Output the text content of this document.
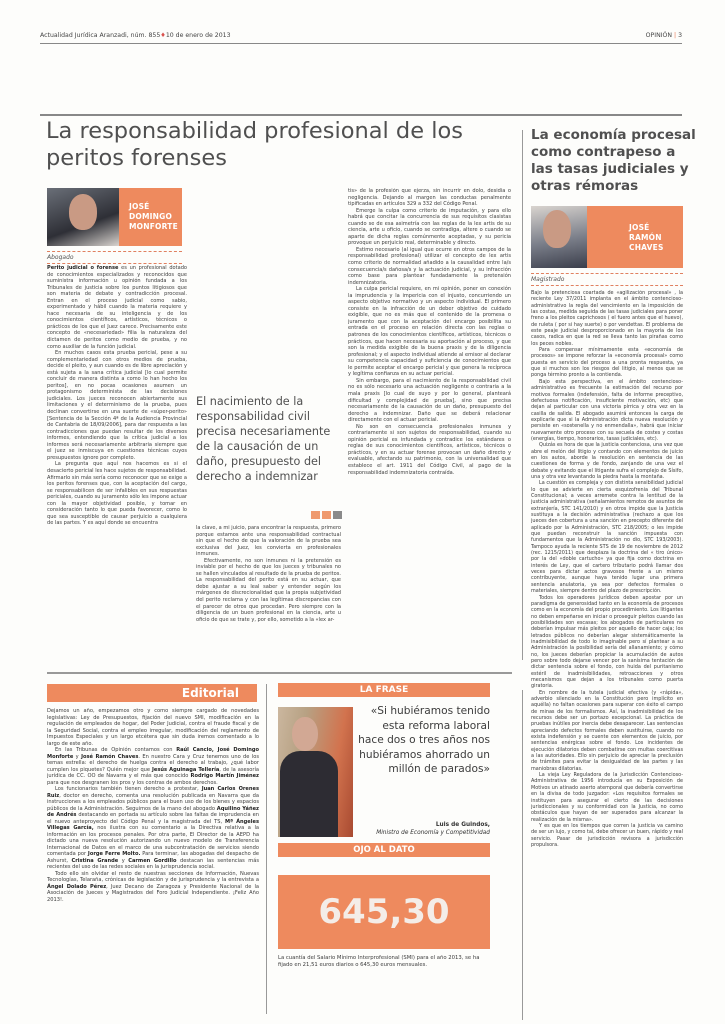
Actualidad Jurídica Aranzadi, núm. 855♦10 de enero de 2013	OPINIÓN | 3
La responsabilidad profesional de los peritos forenses
JOSÉ
DOMINGO
MONFORTE
Abogado

Perito judicial o forense es un profesional dotado de conocimientos especializados y reconocidos que suministra información u opinión fundada a los Tribunales de justicia sobre los puntos litigiosos que son materia de debate y contradicción procesal. Entran en el proceso judicial como sabio, experimentado y hábil cuando la materia requiere y hace necesaria de su inteligencia y de los conocimientos científicos, artísticos, técnicos o prácticos de los que el Juez carece. Precisamente este concepto de «necesariedad» filia la naturaleza del dictamen de peritos como medio de prueba, y no como auxiliar de la función judicial.

En muchos casos esta prueba pericial, pese a su complementariedad con otros medios de prueba, decide el pleito, y aun cuando es de libre apreciación y está sujeta a la sana crítica judicial [lo cual permite concluir de manera distinta a como lo han hecho los peritos], en no pocas ocasiones asumen un protagonismo determinista de las decisiones judiciales. Los jueces reconocen abiertamente sus limitaciones y el determinismo de la prueba, pues declinan convertirse en una suerte de «súper-perito» [Sentencia de la Sección 4ª de la Audiencia Provincial de Cantabria de 18/09/2006], para dar respuesta a las contradicciones que puedan resultar de los diversos informes, entendiendo que la crítica judicial a los informes será necesariamente arbitraria siempre que el juez se inmiscuya en cuestiones técnicas cuyos presupuestos ignore por completo.

La pregunta que aquí nos hacemos es si el desacierto pericial les hace sujetos de responsabilidad. Afirmarlo sin más sería como reconocer que se exige a los peritos forenses que, con la aceptación del cargo, se responsabilicen de ser infalibles en sus respuestas periciales, cuando su juramento sólo les impone actuar con la mayor objetividad posible, y tomar en consideración tanto lo que pueda favorecer, como lo que sea susceptible de causar perjuicio a cualquiera de las partes. Y es aquí donde se encuentra

El nacimiento de la responsabilidad civil precisa necesariamente de la causación de un daño, presupuesto del derecho a indemnizar

la clave, a mi juicio, para encontrar la respuesta, primero porque estamos ante una responsabilidad contractual sin que el hecho de que la valoración de la prueba sea exclusiva del Juez, les convierta en profesionales inmunes.

Efectivamente, no son inmunes ni la pretensión es inviable por el hecho de que los jueces y tribunales no se hallen vinculados al resultado de la prueba de peritos. La responsabilidad del perito está en su actuar, que debe ajustar a su leal saber y entender según los márgenes de discrecionalidad que la propia subjetividad del perito reclama y con las legítimas discrepancias con el parecer de otros que procedan. Pero siempre con la diligencia de un buen profesional en la ciencia, arte u oficio de que se trate y, por ello, sometido a la «lex ar-

tis» de la profesión que ejerza, sin incurrir en dolo, desidia o negligencia. Dejando al margen las conductas penalmente tipificadas en artículos 329 a 332 del Código Penal.

Emerge la culpa como criterio de imputación, y para ello habrá que concitar la concurrencia de sus requisitos clasistas cuando se de esa asimetría con las reglas de la lex artis de su ciencia, arte u oficio, cuando se contradiga, altere o cuando se aparte de dicha reglas comúnmente aceptadas, y su pericia provoque un perjuicio real, determinable y directo.

Estimo necesario (al igual que ocurre en otros campos de la responsabilidad profesional) utilizar el concepto de lex artis como criterio de normalidad añadido a la causalidad entre la/s consecuencia/s dañosa/s y la actuación judicial, y su infracción como base para plantear fundadamente la pretensión indemnizatoria.

La culpa pericial requiere, en mi opinión, poner en conexión la imprudencia y la impericia con el injusto, concurriendo un aspecto objetivo normativo y un aspecto individual. El primero consiste en la infracción de un deber objetivo de cuidado exigible, que no es más que el contenido de la promesa o juramento que con la aceptación del encargo posibilita su entrada en el proceso en relación directa con las reglas o patrones de los conocimientos científicos, artísticos, técnicos o prácticos, que hacen necesaria su aportación al proceso, y que son la medida exigible de la buena praxis y de la diligencia profesional; y el aspecto individual atiende al emisor al declarar su competencia capacidad y suficiencia de conocimientos que le permite aceptar el encargo pericial y que genera la recíproca y legítima confianza en su actuar pericial.

Sin embargo, para el nacimiento de la responsabilidad civil no es sólo necesario una actuación negligente o contraria a la mala praxis [lo cual de suyo y por lo general, planteará dificultad y complejidad de prueba], sino que precisa necesariamente de la causación de un daño, presupuesto del derecho a indemnizar. Daño que se deberá relacionar directamente con el actuar pericial.

No son en consecuencia profesionales inmunes y contrariamente si son sujetos de responsabilidad, cuando su opinión pericial es infundada y contradice los estándares o reglas de sus conocimientos científicos, artísticos, técnicos o prácticos, y en su actuar forense provocan un daño directo y evaluable, afectando su patrimonio, con la universalidad que establece el art. 1911 del Código Civil, al pago de la responsabilidad indemnizatoria contraída.

La economía procesal como contrapeso a las tasas judiciales y otras rémoras
JOSÉ
RAMÓN
CHAVES
Magistrado

Bajo la pretenciosa coartada de «agilización procesal» , la reciente Ley 37/2011 implanta en el ámbito contencioso-administrativo la regla del vencimiento en la imposición de las costas, medida seguida de las tasas judiciales para poner freno a los pleitos caprichosos ( el fuero antes que el huevo), de ruleta ( por si hay suerte) o por vendettas. El problema de este peaje judicial desproporcionado en la mayoría de los casos, radica en que la red se lleva tanto las pirañas como los peces nobles.

Para compensar mínimamente esta «economía de procesos» se impone reforzar la «economía procesal» como puesta en servicio del proceso a una pronta respuesta, ya que si muchos son los riesgos del litigio, al menos que se ponga término pronto a la contienda.

Bajo esta perspectiva, en el ámbito contencioso-administrativo es frecuente la estimación del recurso por motivos formales (indefensión, falta de informe preceptivo, defectuosa notificación, insuficiente motivación, etc) que dejan al particular con una victoria pírrica y otra vez en la casilla de salida. El abogado asumirá entonces la carga de explicarle que si la Administración dicta nueva resolución y persiste en «sostenella y no enmendalla», habrá que iniciar nuevamente otro proceso con su secuela de costes y costas (energías, tiempo, honorarios, tasas judiciales, etc).

Quizás es hora de que la justicia contenciosa, una vez que abre el melón del litigio y contando con elementos de juicio en los autos, aborde la resolución en sentencia de las cuestiones de forma y de fondo, zanjando de una vez el debate y evitando que el litigante sufra el complejo de Sísifo, una y otra vez levantando la piedra hasta la montaña.

La cuestión es compleja y con distinta sensibilidad judicial lo que se advierte en cierta esquizofrenia del Tribunal Constitucional; a veces arremete contra la lentitud de la justicia administrativa (señalamientos remotos de asuntos de extranjería, STC 141/2010) y en otros impide que la Justicia sustituya a la decisión administrativa (rechazo a que los jueces den cobertura a una sanción en precepto diferente del aplicado por la Administración, STC 218/2005; o les impide que puedan reconstruir la sanción impuesta con fundamentos que la Administración no dio, STC 193/2003). Tampoco ayuda la reciente STS de 19 de noviembre de 2012 (rec. 1215/2011) que desplaza la doctrina del « tiro único» por la del «doble cartucho» ya que fija como doctrina en interés de Ley, que el cartero tributario podrá llamar dos veces para dictar actos gravosos frente a un mismo contribuyente, aunque haya tenido lugar una primera sentencia anulatoria, ya sea por defectos formales o materiales, siempre dentro del plazo de prescripción.

Todos los operadores jurídicos deben apostar por un paradigma de generosidad tanto en la economía de procesos como en la economía del propio procedimiento. Los litigantes no deben empeñarse en iniciar o proseguir pleitos cuando las posibilidades son escasas; los abogados de particulares no deberían impulsar más pleitos por aquello de hacer caja; los letrados públicos no deberían alegar sistemáticamente la inadmisibilidad de todo lo imaginable pero sí plantear a su Administración la posibilidad sería del allanamiento; y cómo no, los jueces deberían propiciar la acumulación de autos pero sobre todo dejarse vencer por la sanísima tentación de dictar sentencia sobre el fondo, con huida del puritanismo estéril de inadmisibilidades, retroacciones y otros mecanismos que dejan a los tribunales como puerta giratoria.

En nombre de la tutela judicial efectiva (y «rápida», adverbio silenciado en la Constitución pero implícito en aquélla) no faltan ocasiones para superar con éxito el campo de minas de los formalismos. Así, la inadmisibilidad de los recursos debe ser un portazo excepcional. La práctica de pruebas inútiles por inercia debe desaparecer. Las sentencias apreciando defectos formales deben sustituirse, cuando no exista indefensión y se cuente con elementos de juicio, por sentencias enérgicas sobre el fondo. Los incidentes de ejecución dilatorios deben combatirse con multas coercitivas a las autoridades. Ello sin perjuicio de apreciar la preclusión de trámites para evitar la desigualdad de las partes y las maniobras dilatorias.

La vieja Ley Reguladora de la Jurisdicción Contencioso-Administrativa de 1956 introducía en su Exposición de Motivos un atinado aserto atemporal que debería convertirse en la divisa de todo juzgador: «Los requisitos formales se instituyen para asegurar el cierto de las decisiones jurisdiccionales y su conformidad con la Justicia, no como obstáculos que hayan de ser superados para alcanzar la realización de la misma».

Y es que en los tiempos que corren la justicia va camino de ser un lujo, y como tal, debe ofrecer un buen, rápido y real servicio. Pasar de jurisdicción revisora a jurisdicción propulsora.

Editorial

Dejamos un año, empezamos otro y como siempre cargado de novedades legislativas: Ley de Presupuestos, fijación del nuevo SMI, modificación en la regulación de empleados de hogar, del Poder Judicial, contra el fraude fiscal y de la Seguridad Social, contra el empleo irregular, modificación del reglamento de Impuestos Especiales y un largo etcétera que sin duda iremos comentado a lo largo de este año.

En las Tribunas de Opinión contamos con Raúl Cancio, José Domingo Monforte y José Ramón Chaves. En nuestro Cara y Cruz tenemos uno de los temas estrella: el derecho de huelga contra el derecho al trabajo, ¿qué labor cumplen los piquetes? Quién mejor que Jesús Aguinaga Tellería, de la asesoría jurídica de CC. OO de Navarra y el más que conocido Rodrigo Martín Jiménez para que nos desgranen los pros y los contras de ambos derechos.

Los funcionarios también tienen derecho a protestar, Juan Carlos Orenes Ruiz, doctor en derecho, comenta una resolución publicada en Navarra que da instrucciones a los empleados públicos para el buen uso de los bienes y espacios públicos de la Administración. Seguimos de la mano del abogado Aquilino Yáñez de Andrés destacando en portada su artículo sobre las faltas de imprudencia en el nuevo anteproyecto del Código Penal y la magistrada del TS, Mª Ángeles Villegas García, nos ilustra con su comentario a la Directiva relativa a la información en los procesos penales. Por otra parte, El Director de la AEPD ha dictado una nueva resolución autorizando un nuevo modelo de Transferencia Internacional de Datos en el marco de una subcontratación de servicios siendo comentada por Jorge Ferre Molto. Para terminar, las abogadas del despacho de Ashurst, Cristina Grande y Carmen Gordillo destacan las sentencias más recientes del uso de las redes sociales en la jurisprudencia social.

Todo ello sin olvidar el resto de nuestras secciones de Información, Nuevas Tecnologías, Telaraña, crónicas de legislación y de jurisprudencia y la entrevista a Ángel Dolado Pérez, Juez Decano de Zaragoza y Presidente Nacional de la Asociación de Jueces y Magistrados del Foro Judicial Independiente. ¡Feliz Año 2013!.

LA FRASE
«Si hubiéramos tenido esta reforma laboral hace dos o tres años nos hubiéramos ahorrado un millón de parados»
Luis de Guindos,
Ministro de Economía y Competitividad
OJO AL DATO
645,30
La cuantía del Salario Mínimo Interprofesional (SMI) para el año 2013, se ha fijado en 21,51 euros diarios o 645,30 euros mensuales.
